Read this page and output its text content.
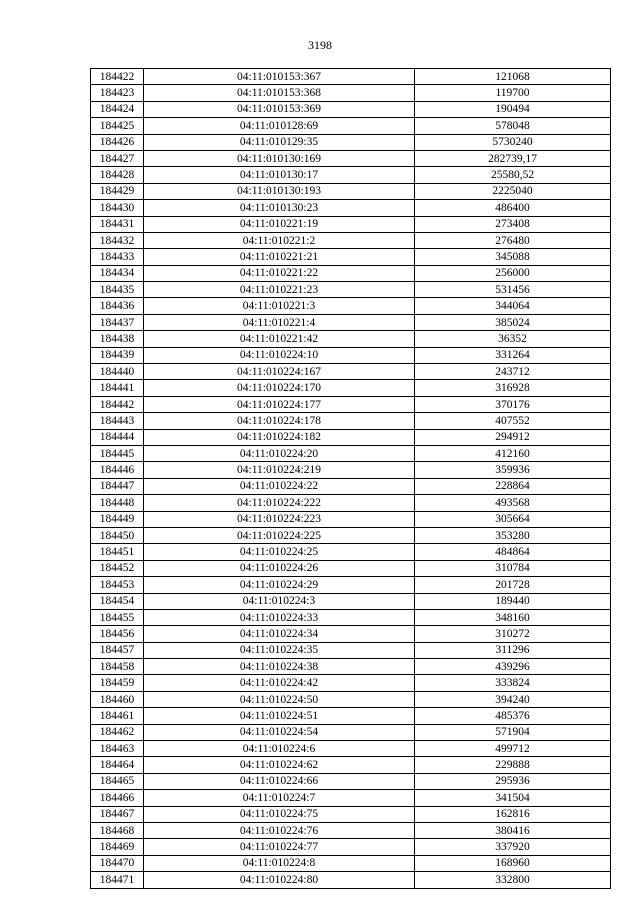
3198
184422	04:11:010153:367	121068
184423	04:11:010153:368	119700
184424	04:11:010153:369	190494
184425	04:11:010128:69	578048
184426	04:11:010129:35	5730240
184427	04:11:010130:169	282739,17
184428	04:11:010130:17	25580,52
184429	04:11:010130:193	2225040
184430	04:11:010130:23	486400
184431	04:11:010221:19	273408
184432	04:11:010221:2	276480
184433	04:11:010221:21	345088
184434	04:11:010221:22	256000
184435	04:11:010221:23	531456
184436	04:11:010221:3	344064
184437	04:11:010221:4	385024
184438	04:11:010221:42	36352
184439	04:11:010224:10	331264
184440	04:11:010224:167	243712
184441	04:11:010224:170	316928
184442	04:11:010224:177	370176
184443	04:11:010224:178	407552
184444	04:11:010224:182	294912
184445	04:11:010224:20	412160
184446	04:11:010224:219	359936
184447	04:11:010224:22	228864
184448	04:11:010224:222	493568
184449	04:11:010224:223	305664
184450	04:11:010224:225	353280
184451	04:11:010224:25	484864
184452	04:11:010224:26	310784
184453	04:11:010224:29	201728
184454	04:11:010224:3	189440
184455	04:11:010224:33	348160
184456	04:11:010224:34	310272
184457	04:11:010224:35	311296
184458	04:11:010224:38	439296
184459	04:11:010224:42	333824
184460	04:11:010224:50	394240
184461	04:11:010224:51	485376
184462	04:11:010224:54	571904
184463	04:11:010224:6	499712
184464	04:11:010224:62	229888
184465	04:11:010224:66	295936
184466	04:11:010224:7	341504
184467	04:11:010224:75	162816
184468	04:11:010224:76	380416
184469	04:11:010224:77	337920
184470	04:11:010224:8	168960
184471	04:11:010224:80	332800
